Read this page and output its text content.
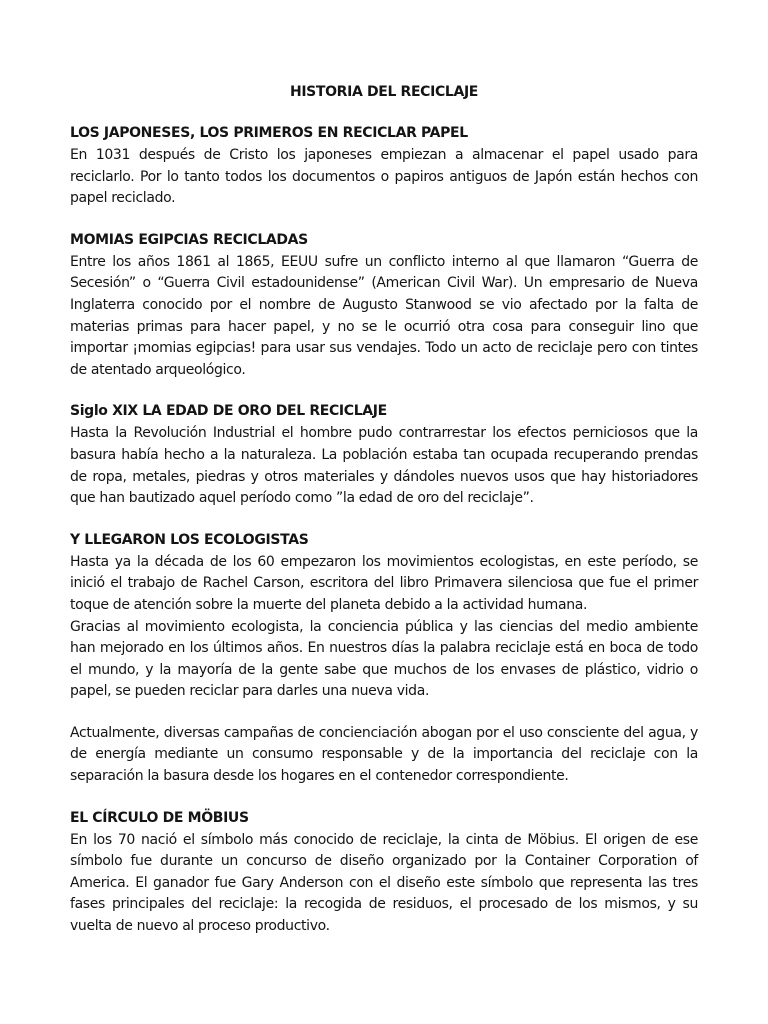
HISTORIA DEL RECICLAJE
LOS JAPONESES, LOS PRIMEROS EN RECICLAR PAPEL

En 1031 después de Cristo los japoneses empiezan a almacenar el papel usado para reciclarlo. Por lo tanto todos los documentos o papiros antiguos de Japón están hechos con papel reciclado.

MOMIAS EGIPCIAS RECICLADAS

Entre los años 1861 al 1865, EEUU sufre un conflicto interno al que llamaron “Guerra de Secesión” o “Guerra Civil estadounidense” (American Civil War). Un empresario de Nueva Inglaterra conocido por el nombre de Augusto Stanwood se vio afectado por la falta de materias primas para hacer papel, y no se le ocurrió otra cosa para conseguir lino que importar ¡momias egipcias! para usar sus vendajes. Todo un acto de reciclaje pero con tintes de atentado arqueológico.

Siglo XIX LA EDAD DE ORO DEL RECICLAJE

Hasta la Revolución Industrial el hombre pudo contrarrestar los efectos perniciosos que la basura había hecho a la naturaleza. La población estaba tan ocupada recuperando prendas de ropa, metales, piedras y otros materiales y dándoles nuevos usos que hay historiadores que han bautizado aquel período como ”la edad de oro del reciclaje”.

Y LLEGARON LOS ECOLOGISTAS

Hasta ya la década de los 60 empezaron los movimientos ecologistas, en este período, se inició el trabajo de Rachel Carson, escritora del libro Primavera silenciosa que fue el primer toque de atención sobre la muerte del planeta debido a la actividad humana.

Gracias al movimiento ecologista, la conciencia pública y las ciencias del medio ambiente han mejorado en los últimos años. En nuestros días la palabra reciclaje está en boca de todo el mundo, y la mayoría de la gente sabe que muchos de los envases de plástico, vidrio o papel, se pueden reciclar para darles una nueva vida.

Actualmente, diversas campañas de concienciación abogan por el uso consciente del agua, y de energía mediante un consumo responsable y de la importancia del reciclaje con la separación la basura desde los hogares en el contenedor correspondiente.

EL CÍRCULO DE MÖBIUS

En los 70 nació el símbolo más conocido de reciclaje, la cinta de Möbius. El origen de ese símbolo fue durante un concurso de diseño organizado por la Container Corporation of America. El ganador fue Gary Anderson con el diseño este símbolo que representa las tres fases principales del reciclaje: la recogida de residuos, el procesado de los mismos, y su vuelta de nuevo al proceso productivo.
